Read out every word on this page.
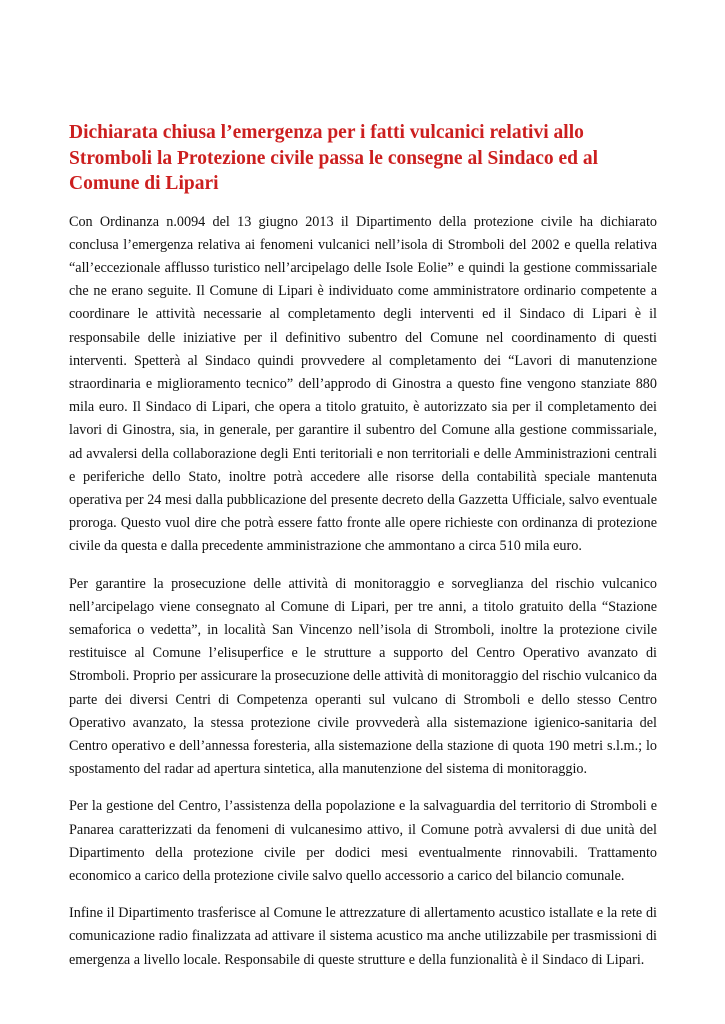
Dichiarata chiusa l’emergenza per i fatti vulcanici relativi allo Stromboli la Protezione civile passa le consegne al Sindaco ed al Comune di Lipari

Con Ordinanza n.0094 del 13 giugno 2013 il Dipartimento della protezione civile ha dichiarato conclusa l’emergenza relativa ai fenomeni vulcanici nell’isola di Stromboli del 2002 e quella relativa “all’eccezionale afflusso turistico nell’arcipelago delle Isole Eolie” e quindi la gestione commissariale che ne erano seguite. Il Comune di Lipari è individuato come amministratore ordinario competente a coordinare le attività necessarie al completamento degli interventi ed il Sindaco di Lipari è il responsabile delle iniziative per il definitivo subentro del Comune nel coordinamento di questi interventi. Spetterà al Sindaco quindi provvedere al completamento dei “Lavori di manutenzione straordinaria e miglioramento tecnico” dell’approdo di Ginostra a questo fine vengono stanziate 880 mila euro. Il Sindaco di Lipari, che opera a titolo gratuito, è autorizzato sia per il completamento dei lavori di Ginostra, sia, in generale, per garantire il subentro del Comune alla gestione commissariale, ad avvalersi della collaborazione degli Enti teritoriali e non territoriali e delle Amministrazioni centrali e periferiche dello Stato, inoltre potrà accedere alle risorse della contabilità speciale mantenuta operativa per 24 mesi dalla pubblicazione del presente decreto della Gazzetta Ufficiale, salvo eventuale proroga. Questo vuol dire che potrà essere fatto fronte alle opere richieste con ordinanza di protezione civile da questa e dalla precedente amministrazione che ammontano a circa 510 mila euro.

Per garantire la prosecuzione delle attività di monitoraggio e sorveglianza del rischio vulcanico nell’arcipelago viene consegnato al Comune di Lipari, per tre anni, a titolo gratuito della “Stazione semaforica o vedetta”, in località San Vincenzo nell’isola di Stromboli, inoltre la protezione civile restituisce al Comune l’elisuperfice e le strutture a supporto del Centro Operativo avanzato di Stromboli. Proprio per assicurare la prosecuzione delle attività di monitoraggio del rischio vulcanico da parte dei diversi Centri di Competenza operanti sul vulcano di Stromboli e dello stesso Centro Operativo avanzato, la stessa protezione civile provvederà alla sistemazione igienico-sanitaria del Centro operativo e dell’annessa foresteria, alla sistemazione della stazione di quota 190 metri s.l.m.; lo spostamento del radar ad apertura sintetica, alla manutenzione del sistema di monitoraggio.

Per la gestione del Centro, l’assistenza della popolazione e la salvaguardia del territorio di Stromboli e Panarea caratterizzati da fenomeni di vulcanesimo attivo, il Comune potrà avvalersi di due unità del Dipartimento della protezione civile per dodici mesi eventualmente rinnovabili. Trattamento economico a carico della protezione civile salvo quello accessorio a carico del bilancio comunale.

Infine il Dipartimento trasferisce al Comune le attrezzature di allertamento acustico istallate e la rete di comunicazione radio finalizzata ad attivare il sistema acustico ma anche utilizzabile per trasmissioni di emergenza a livello locale. Responsabile di queste strutture e della funzionalità è il Sindaco di Lipari.
